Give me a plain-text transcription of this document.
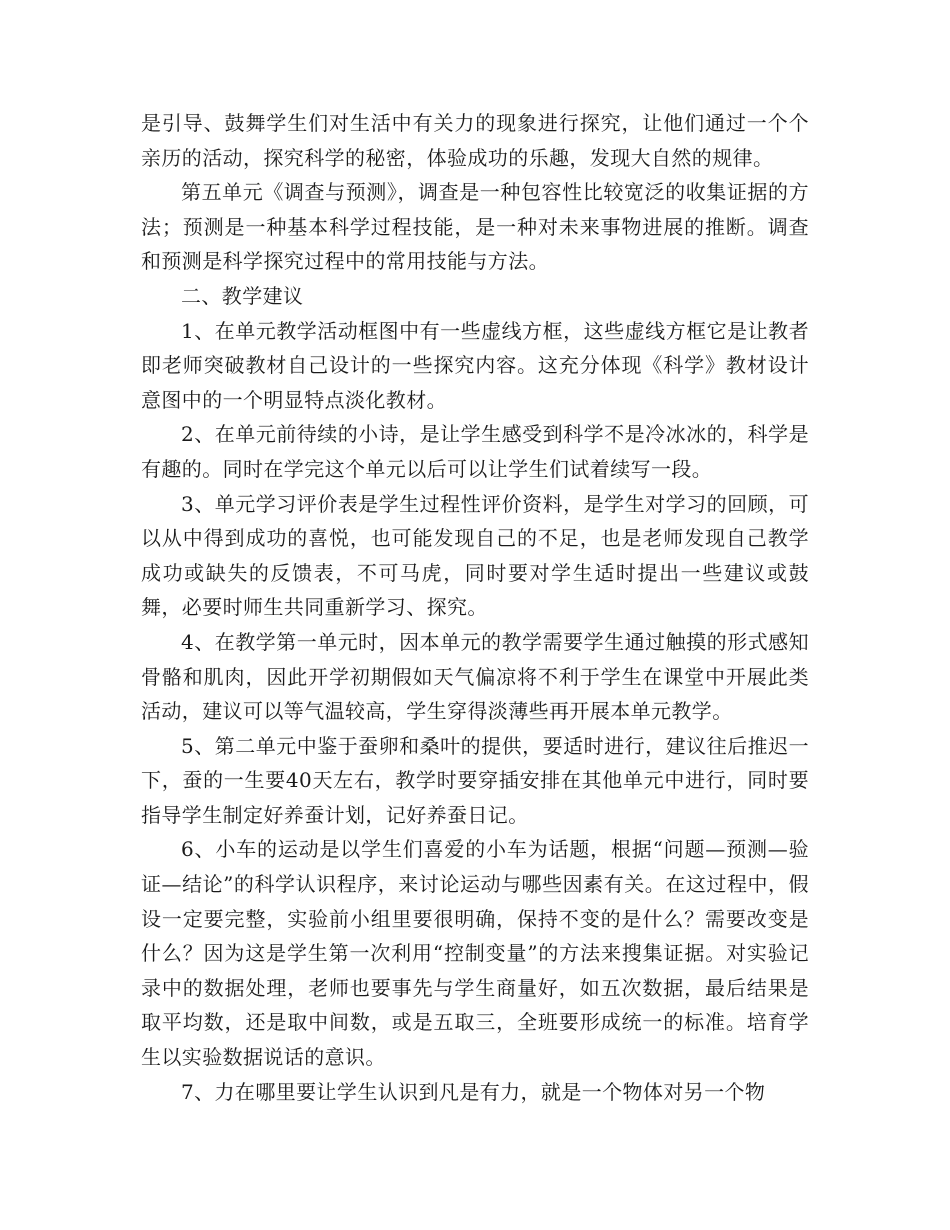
是引导、鼓舞学生们对生活中有关力的现象进行探究，让他们通过一个个亲历的活动，探究科学的秘密，体验成功的乐趣，发现大自然的规律。

第五单元《调查与预测》，调查是一种包容性比较宽泛的收集证据的方法；预测是一种基本科学过程技能，是一种对未来事物进展的推断。调查和预测是科学探究过程中的常用技能与方法。

二、教学建议

1、在单元教学活动框图中有一些虚线方框，这些虚线方框它是让教者即老师突破教材自己设计的一些探究内容。这充分体现《科学》教材设计意图中的一个明显特点淡化教材。

2、在单元前待续的小诗，是让学生感受到科学不是冷冰冰的，科学是有趣的。同时在学完这个单元以后可以让学生们试着续写一段。

3、单元学习评价表是学生过程性评价资料，是学生对学习的回顾，可以从中得到成功的喜悦，也可能发现自己的不足，也是老师发现自己教学成功或缺失的反馈表，不可马虎，同时要对学生适时提出一些建议或鼓舞，必要时师生共同重新学习、探究。

4、在教学第一单元时，因本单元的教学需要学生通过触摸的形式感知骨骼和肌肉，因此开学初期假如天气偏凉将不利于学生在课堂中开展此类活动，建议可以等气温较高，学生穿得淡薄些再开展本单元教学。

5、第二单元中鉴于蚕卵和桑叶的提供，要适时进行，建议往后推迟一下，蚕的一生要40天左右，教学时要穿插安排在其他单元中进行，同时要指导学生制定好养蚕计划，记好养蚕日记。

6、小车的运动是以学生们喜爱的小车为话题，根据“问题—预测—验证—结论”的科学认识程序，来讨论运动与哪些因素有关。在这过程中，假设一定要完整，实验前小组里要很明确，保持不变的是什么？需要改变是什么？因为这是学生第一次利用“控制变量”的方法来搜集证据。对实验记录中的数据处理，老师也要事先与学生商量好，如五次数据，最后结果是取平均数，还是取中间数，或是五取三，全班要形成统一的标准。培育学生以实验数据说话的意识。

7、力在哪里要让学生认识到凡是有力，就是一个物体对另一个物
